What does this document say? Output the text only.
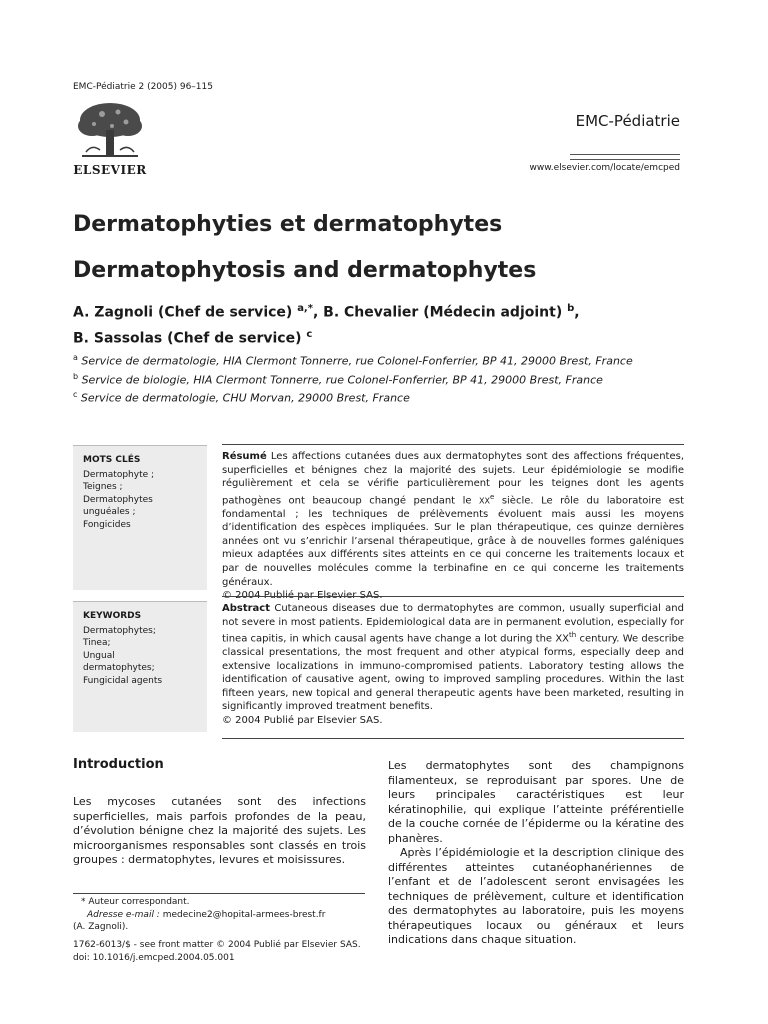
EMC-Pédiatrie 2 (2005) 96–115
ELSEVIER
EMC-Pédiatrie
www.elsevier.com/locate/emcped
Dermatophyties et dermatophytes
Dermatophytosis and dermatophytes
A. Zagnoli (Chef de service) $^{a,*}$, B. Chevalier (Médecin adjoint) $^b$,
B. Sassolas (Chef de service) $^c$
$^a$ Service de dermatologie, HIA Clermont Tonnerre, rue Colonel-Fonferrier, BP 41, 29000 Brest, France
$^b$ Service de biologie, HIA Clermont Tonnerre, rue Colonel-Fonferrier, BP 41, 29000 Brest, France
$^c$ Service de dermatologie, CHU Morvan, 29000 Brest, France
MOTS CLÉS
Dermatophyte ;
Teignes ;
Dermatophytes
unguéales ;
Fongicides
KEYWORDS
Dermatophytes;
Tinea;
Ungual
dermatophytes;
Fungicidal agents
Résumé Les affections cutanées dues aux dermatophytes sont des affections fréquentes, superficielles et bénignes chez la majorité des sujets. Leur épidémiologie se modifie régulièrement et cela se vérifie particulièrement pour les teignes dont les agents pathogènes ont beaucoup changé pendant le XXe siècle. Le rôle du laboratoire est fondamental ; les techniques de prélèvements évoluent mais aussi les moyens d’identification des espèces impliquées. Sur le plan thérapeutique, ces quinze dernières années ont vu s’enrichir l’arsenal thérapeutique, grâce à de nouvelles formes galéniques mieux adaptées aux différents sites atteints en ce qui concerne les traitements locaux et par de nouvelles molécules comme la terbinafine en ce qui concerne les traitements généraux.
© 2004 Publié par Elsevier SAS.
Abstract Cutaneous diseases due to dermatophytes are common, usually superficial and not severe in most patients. Epidemiological data are in permanent evolution, especially for tinea capitis, in which causal agents have change a lot during the XXth century. We describe classical presentations, the most frequent and other atypical forms, especially deep and extensive localizations in immuno-compromised patients. Laboratory testing allows the identification of causative agent, owing to improved sampling procedures. Within the last fifteen years, new topical and general therapeutic agents have been marketed, resulting in significantly improved treatment benefits.
© 2004 Publié par Elsevier SAS.
Introduction
Les mycoses cutanées sont des infections superficielles, mais parfois profondes de la peau, d’évolution bénigne chez la majorité des sujets. Les microorganismes responsables sont classés en trois groupes : dermatophytes, levures et moisissures.

Les dermatophytes sont des champignons filamenteux, se reproduisant par spores. Une de leurs principales caractéristiques est leur kératinophilie, qui explique l’atteinte préférentielle de la couche cornée de l’épiderme ou la kératine des phanères.

Après l’épidémiologie et la description clinique des différentes atteintes cutanéophanériennes de l’enfant et de l’adolescent seront envisagées les techniques de prélèvement, culture et identification des dermatophytes au laboratoire, puis les moyens thérapeutiques locaux ou généraux et leurs indications dans chaque situation.

* Auteur correspondant.
Adresse e-mail : medecine2@hopital-armees-brest.fr
(A. Zagnoli).
1762-6013/$ - see front matter © 2004 Publié par Elsevier SAS.
doi: 10.1016/j.emcped.2004.05.001
